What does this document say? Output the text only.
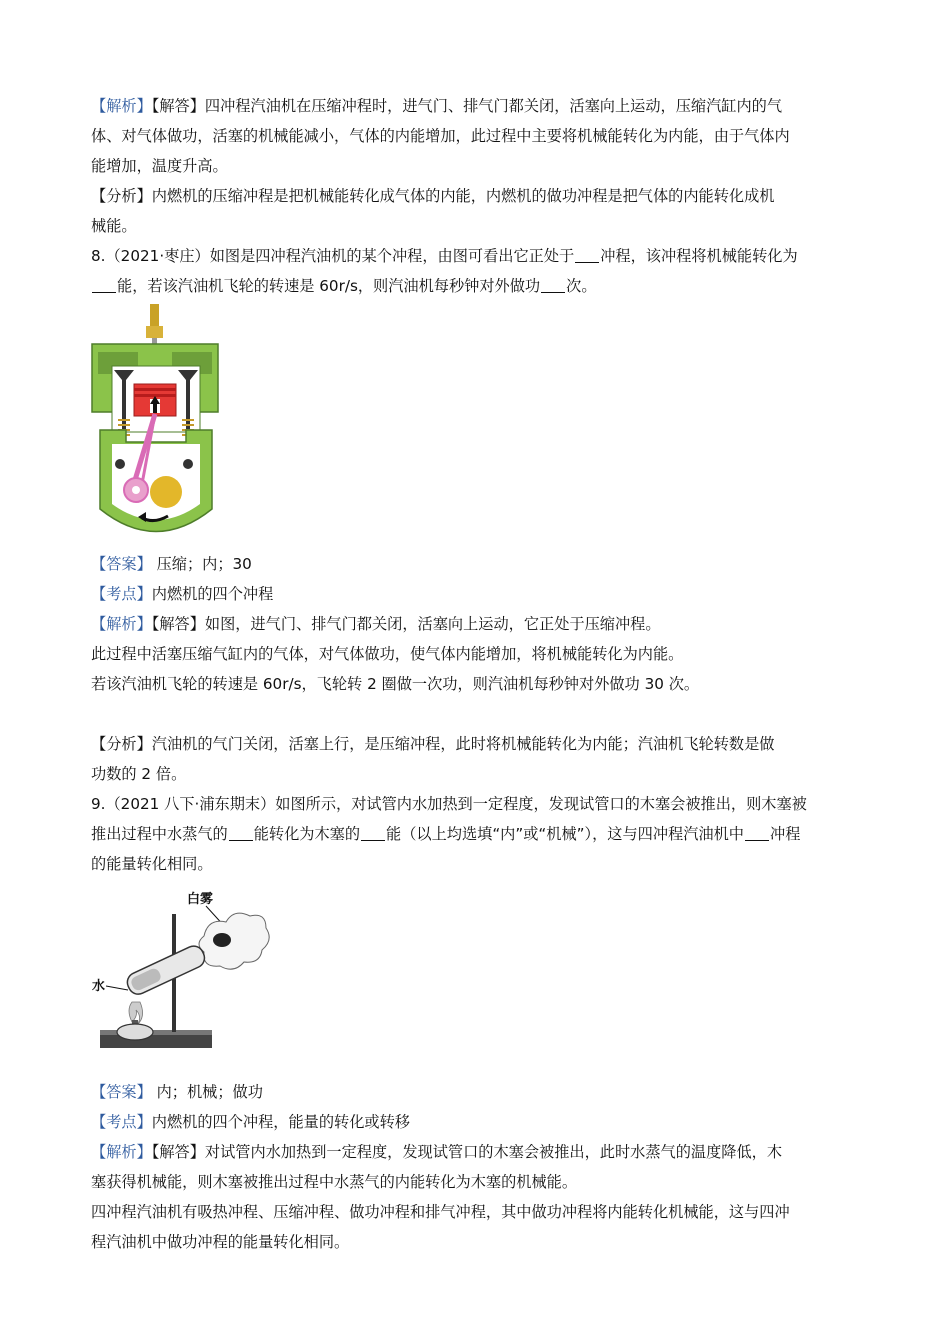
【解析】【解答】四冲程汽油机在压缩冲程时，进气门、排气门都关闭，活塞向上运动，压缩汽缸内的气
体、对气体做功，活塞的机械能减小，气体的内能增加，此过程中主要将机械能转化为内能，由于气体内
能增加，温度升高。
【分析】内燃机的压缩冲程是把机械能转化成气体的内能，内燃机的做功冲程是把气体的内能转化成机
械能。
8.（2021·枣庄）如图是四冲程汽油机的某个冲程，由图可看出它正处于 冲程，该冲程将机械能转化为
能，若该汽油机飞轮的转速是 60r/s，则汽油机每秒钟对外做功 次。
【答案】 压缩；内；30
【考点】内燃机的四个冲程
【解析】【解答】如图，进气门、排气门都关闭，活塞向上运动，它正处于压缩冲程。
此过程中活塞压缩气缸内的气体，对气体做功，使气体内能增加，将机械能转化为内能。
若该汽油机飞轮的转速是 60r/s，飞轮转 2 圈做一次功，则汽油机每秒钟对外做功 30 次。
【分析】汽油机的气门关闭，活塞上行，是压缩冲程，此时将机械能转化为内能；汽油机飞轮转数是做
功数的 2 倍。
9.（2021 八下·浦东期末）如图所示，对试管内水加热到一定程度，发现试管口的木塞会被推出，则木塞被
推出过程中水蒸气的 能转化为木塞的 能（以上均选填“内”或“机械”），这与四冲程汽油机中 冲程
的能量转化相同。
白雾
水
【答案】 内；机械；做功
【考点】内燃机的四个冲程，能量的转化或转移
【解析】【解答】对试管内水加热到一定程度，发现试管口的木塞会被推出，此时水蒸气的温度降低，木
塞获得机械能，则木塞被推出过程中水蒸气的内能转化为木塞的机械能。
四冲程汽油机有吸热冲程、压缩冲程、做功冲程和排气冲程，其中做功冲程将内能转化机械能，这与四冲
程汽油机中做功冲程的能量转化相同。
